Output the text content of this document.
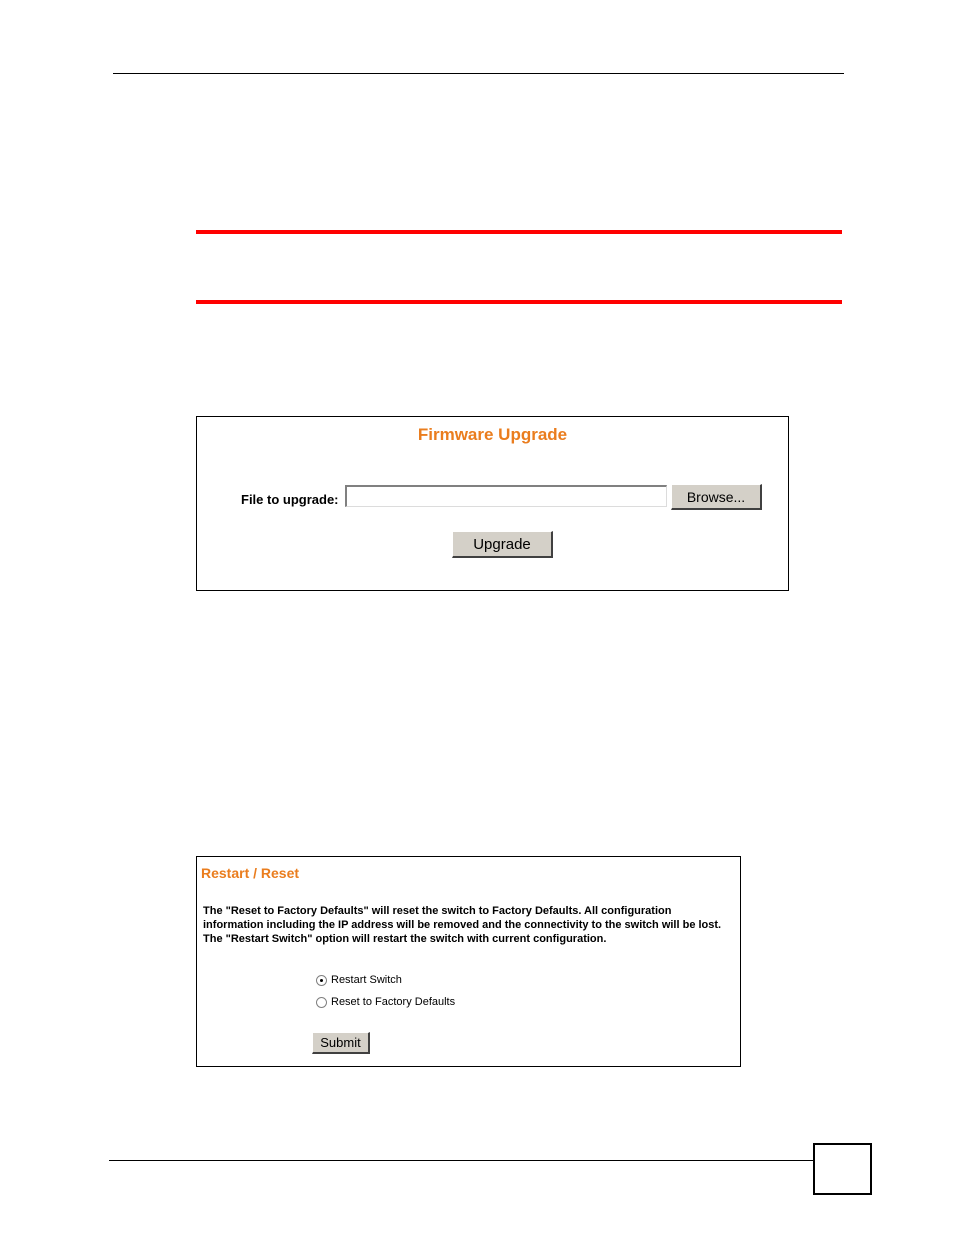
Firmware Upgrade
File to upgrade:	Browse...
Upgrade
Restart / Reset

The "Reset to Factory Defaults" will reset the switch to Factory Defaults. All configuration
information including the IP address will be removed and the connectivity to the switch will be lost.
The "Restart Switch" option will restart the switch with current configuration.

Restart Switch
Reset to Factory Defaults
Submit
